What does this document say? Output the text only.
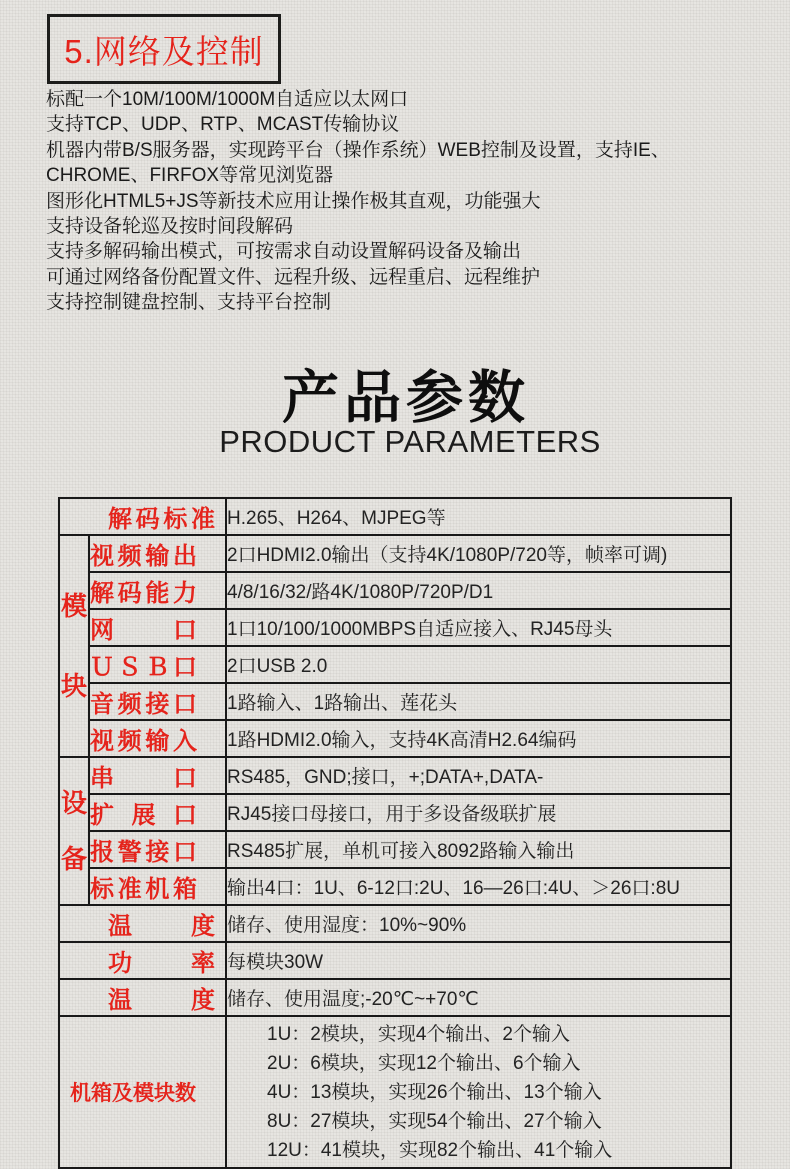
5.网络及控制

标配一个10M/100M/1000M自适应以太网口

支持TCP、UDP、RTP、MCAST传输协议

机器内带B/S服务器，实现跨平台（操作系统）WEB控制及设置，支持IE、CHROME、FIRFOX等常见浏览器

图形化HTML5+JS等新技术应用让操作极其直观，功能强大

支持设备轮巡及按时间段解码

支持多解码输出模式，可按需求自动设置解码设备及输出

可通过网络备份配置文件、远程升级、远程重启、远程维护

支持控制键盘控制、支持平台控制

产品参数
PRODUCT PARAMETERS
解码标准		H.265、H264、MJPEG等

模
块	视频输出	2口HDMI2.0输出（支持4K/1080P/720等，帧率可调)
	解码能力	4/8/16/32/路4K/1080P/720P/D1
	网口	1口10/100/1000MBPS自适应接入、RJ45母头
	ＵＳＢ口	2口USB 2.0
	音频接口	1路输入、1路输出、莲花头
	视频输入	1路HDMI2.0输入，支持4K高清H2.64编码

设
备	串口	RS485，GND;接口，+;DATA+,DATA-
	扩展口	RJ45接口母接口，用于多设备级联扩展
	报警接口	RS485扩展，单机可接入8092路输入输出
	标准机箱	输出4口：1U、6-12口:2U、16—26口:4U、＞26口:8U
温度		储存、使用湿度：10%~90%
功率		每模块30W
温度		储存、使用温度;-20℃~+70℃
机箱及模块数		1U：2模块，实现4个输出、2个输入
2U：6模块，实现12个输出、6个输入
4U：13模块，实现26个输出、13个输入
8U：27模块，实现54个输出、27个输入
12U：41模块，实现82个输出、41个输入
